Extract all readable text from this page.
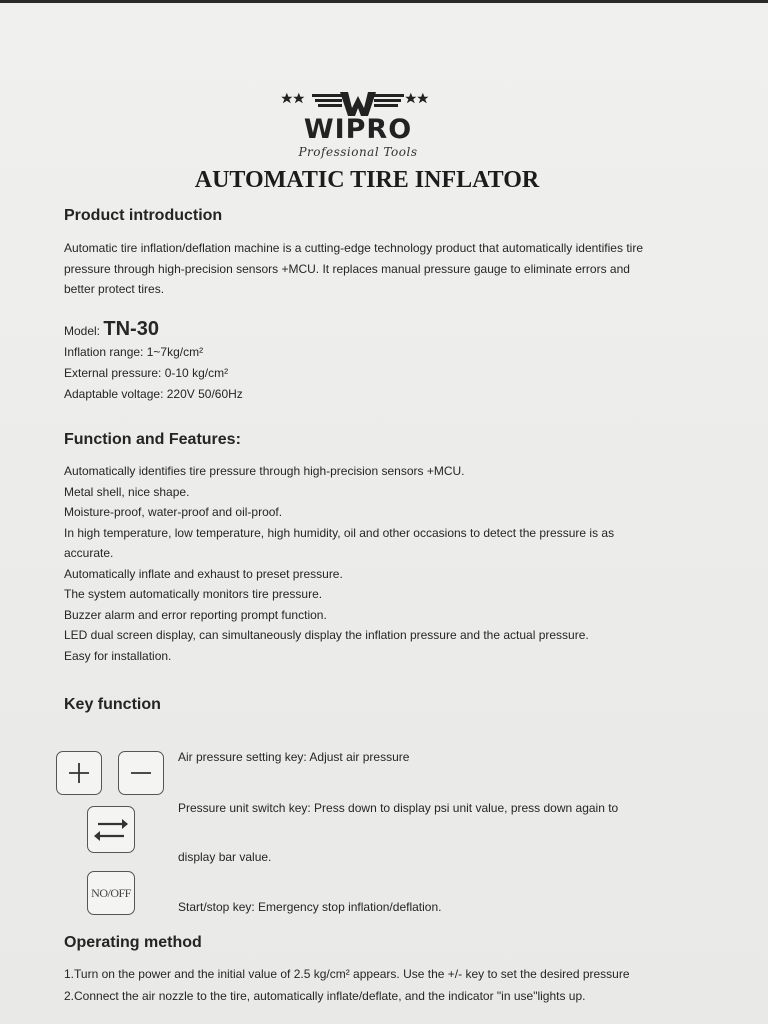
WIPRO
Professional Tools
AUTOMATIC TIRE INFLATOR
Product introduction
Automatic tire inflation/deflation machine is a cutting-edge technology product that automatically identifies tire
pressure through high-precision sensors +MCU. It replaces manual pressure gauge to eliminate errors and
better protect tires.
Model: TN-30
Inflation range: 1~7kg/cm²
External pressure: 0-10 kg/cm²
Adaptable voltage: 220V 50/60Hz
Function and Features:
Automatically identifies tire pressure through high-precision sensors +MCU.
Metal shell, nice shape.
Moisture-proof, water-proof and oil-proof.
In high temperature, low temperature, high humidity, oil and other occasions to detect the pressure is as
accurate.
Automatically inflate and exhaust to preset pressure.
The system automatically monitors tire pressure.
Buzzer alarm and error reporting prompt function.
LED dual screen display, can simultaneously display the inflation pressure and the actual pressure.
Easy for installation.
Key function
Air pressure setting key: Adjust air pressure
Pressure unit switch key: Press down to display psi unit value, press down again to
display bar value.
NO/OFF
Start/stop key: Emergency stop inflation/deflation.
Operating method
1.Turn on the power and the initial value of 2.5 kg/cm² appears. Use the +/- key to set the desired pressure
2.Connect the air nozzle to the tire, automatically inflate/deflate, and the indicator "in use"lights up.
